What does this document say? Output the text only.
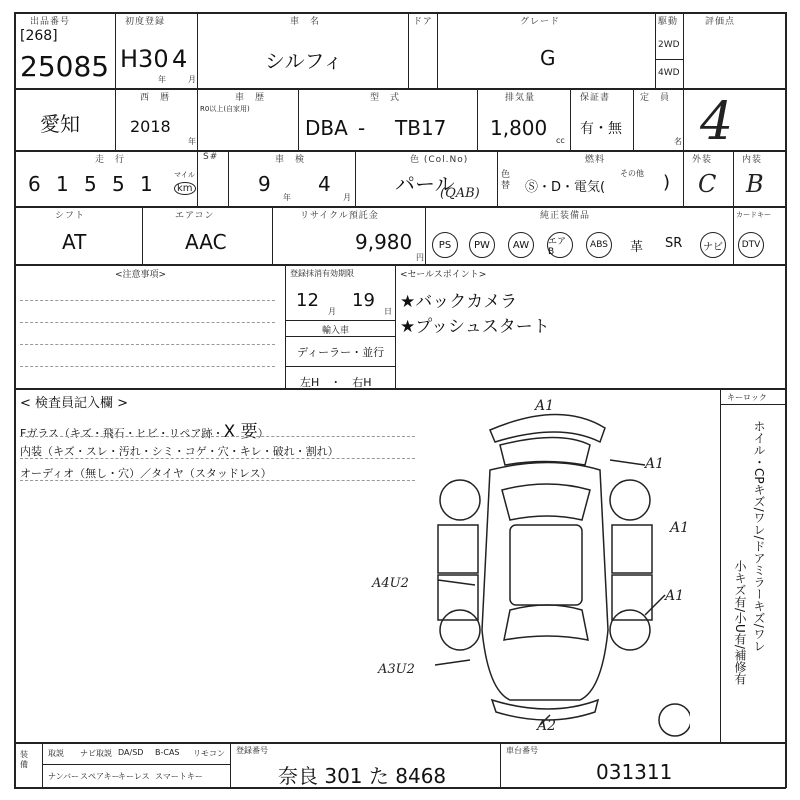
出品番号
[268]
25085
初度登録
H30 4
年	月
車　名
シルフィ
ドア	グレード
G
駆動
2WD
4WD
評価点
4
愛知
西　暦
2018
年
車　歴
R0以上(自家用)
型　式
DBA - TB17
排気量
1,800
cc
保証書
有・無
定　員
名
走　行
6 1 5 5 1	マイル
km
S#	車　検
9
年
4
月
色 (Col.No)
パール
(QAB)
色替
燃料
Ⓢ・D・電気(
その他 )
外装
C
内装
B
シフト
AT
エアコン
AAC
リサイクル預託金
9,980
円
純正装備品	カードキー
PS	PW	AW	エアB
ABS	革 SR	ナビ	DTV
<注意事項>	登録抹消有効期限
12
月
19
日
輸入車
ディーラー・並行
左H　・　右H
<セールスポイント>
★バックカメラ
★プッシュスタート
< 検査員記入欄 >
Fガラス（キズ・飛石・ヒビ・リペア跡・X 要）
内装（キズ・スレ・汚れ・シミ・コゲ・穴・キレ・破れ・割れ）
オーディオ（無し・穴）／タイヤ（スタッドレス）
キーロック
ホイル・CPキズ/ワレ/ドアミラーキズ/ワレ
小キズ有/小U有/補修有
A1
A1
A1
A1
A4U2
A3U2
A2
装備
取説 ナビ取説 DA/SD B-CAS リモコン
ナンバー スペアキー
キーレス スマートキー
登録番号
奈良 301 た 8468
車台番号
031311
